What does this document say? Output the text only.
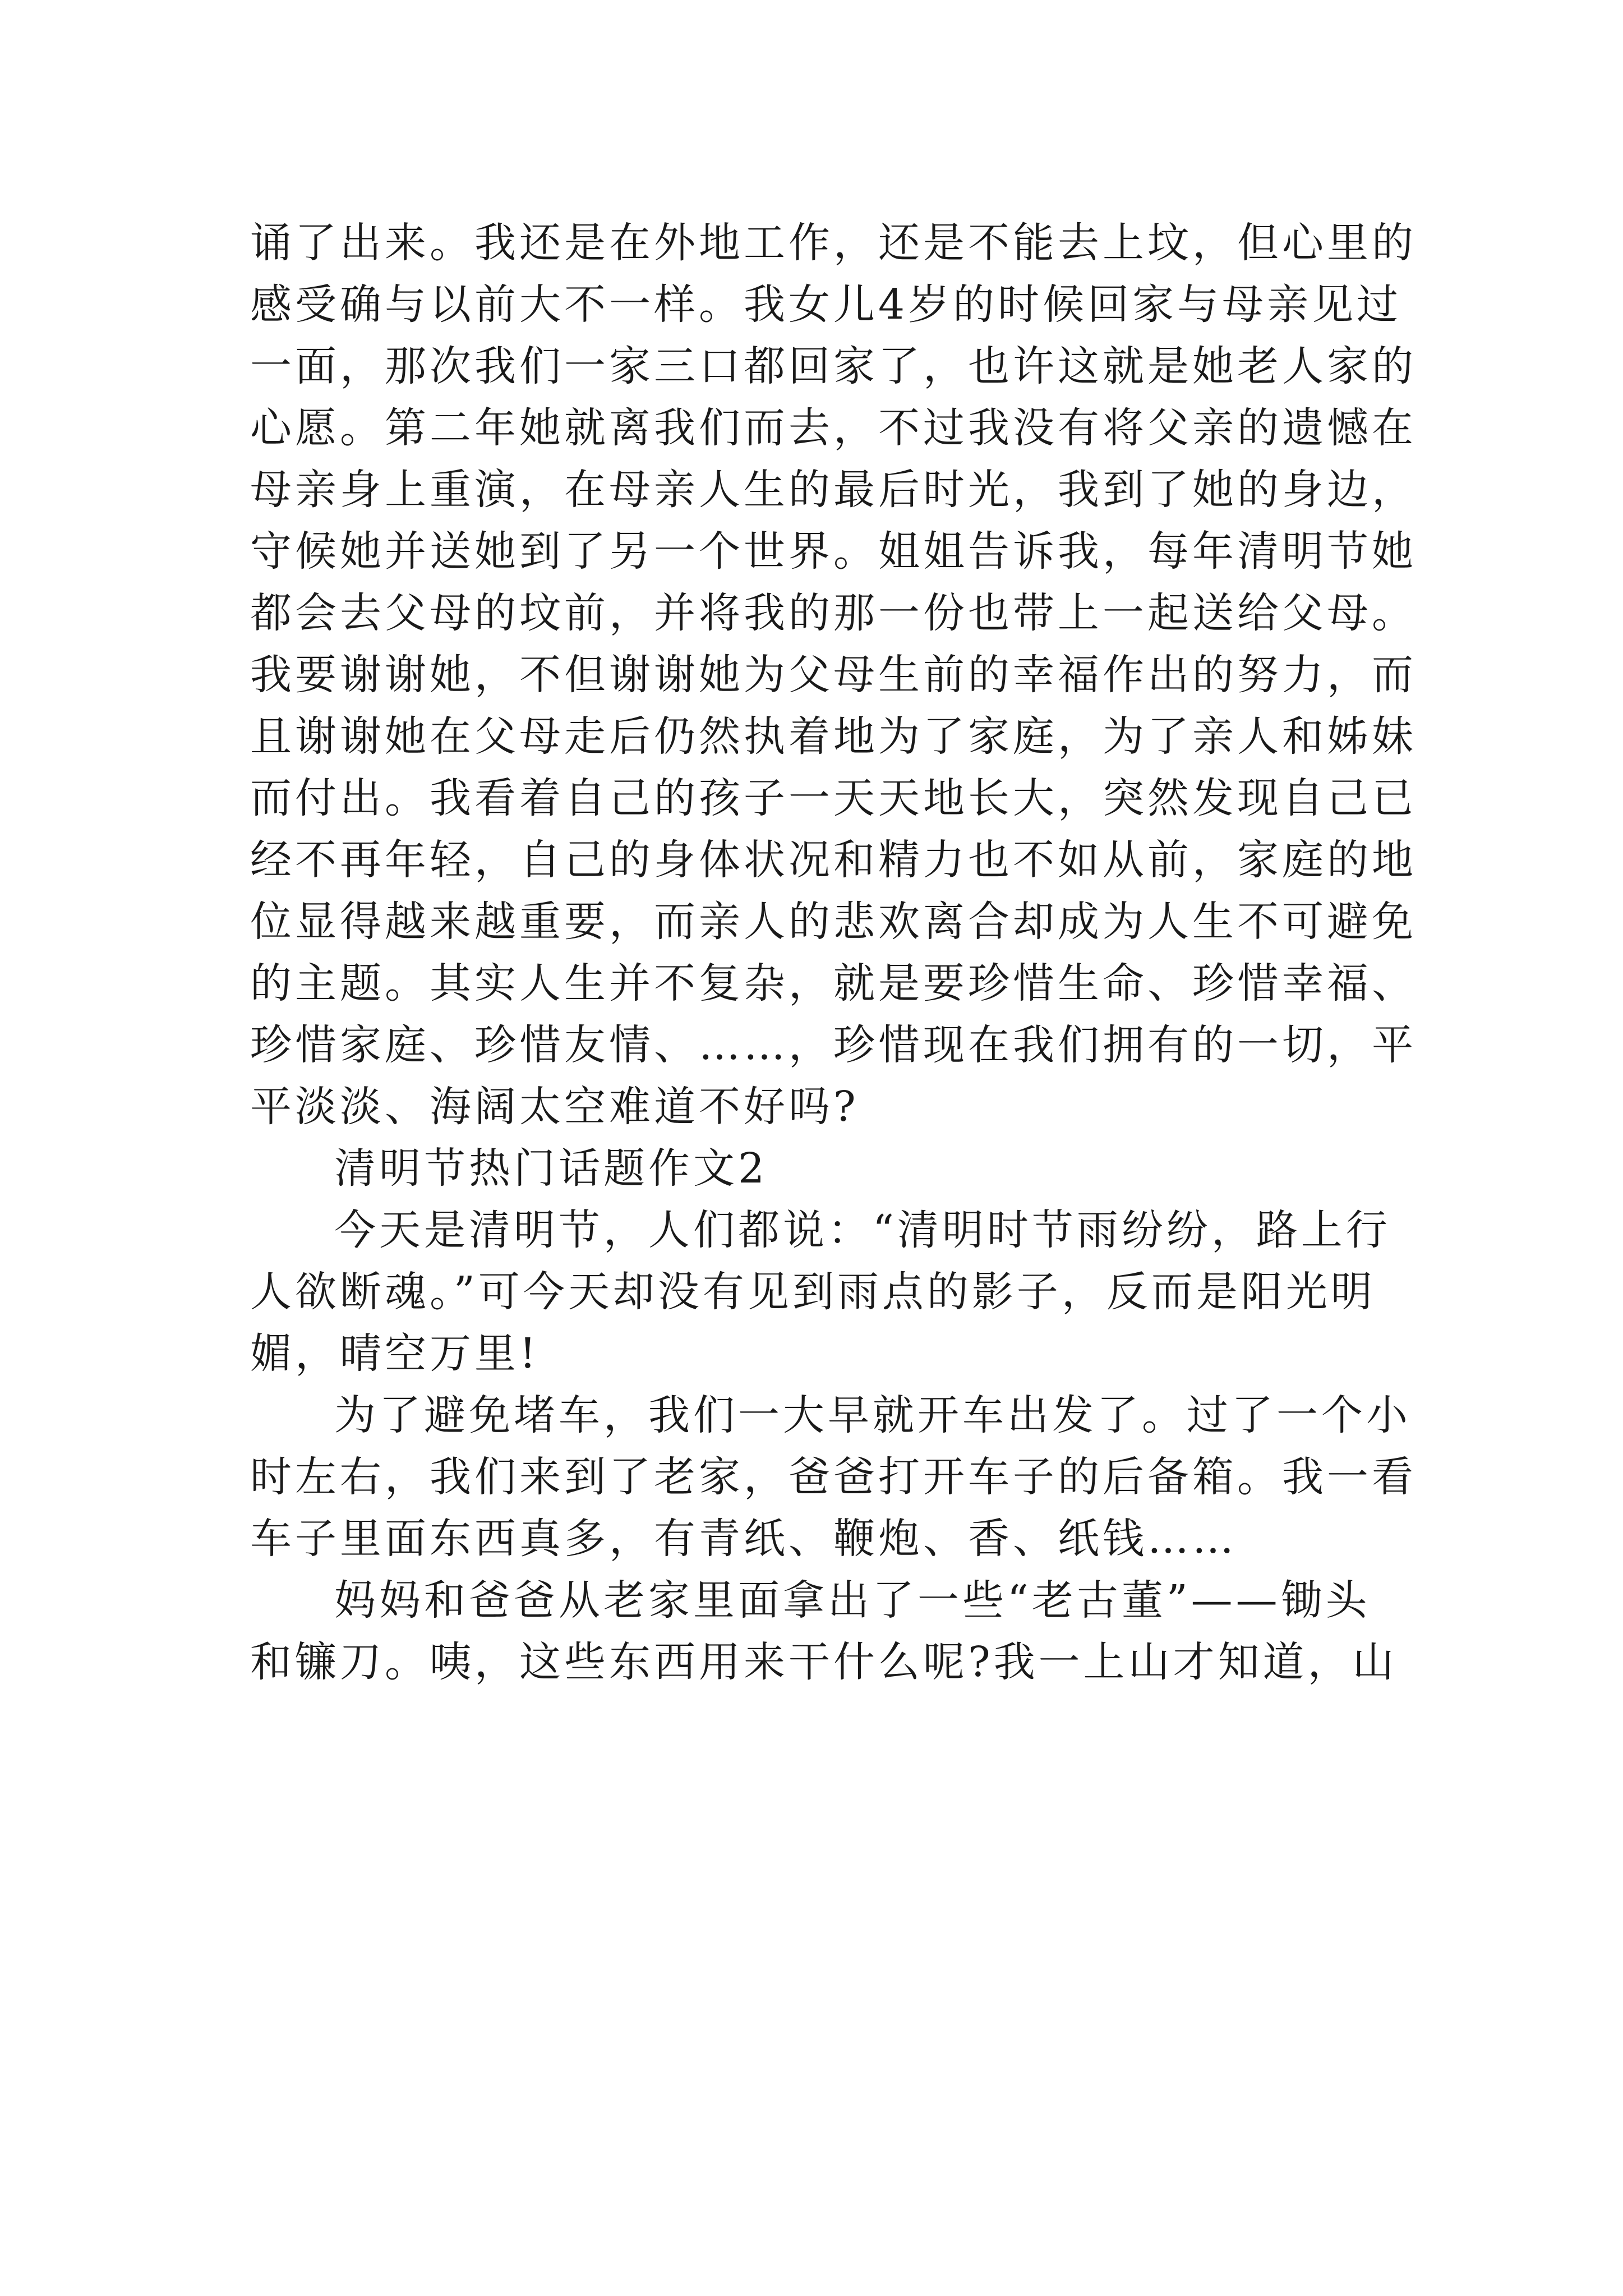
诵了出来。我还是在外地工作，还是不能去上坟，但心里的

感受确与以前大不一样。我女儿4岁的时候回家与母亲见过

一面，那次我们一家三口都回家了，也许这就是她老人家的

心愿。第二年她就离我们而去，不过我没有将父亲的遗憾在

母亲身上重演，在母亲人生的最后时光，我到了她的身边，

守候她并送她到了另一个世界。姐姐告诉我，每年清明节她

都会去父母的坟前，并将我的那一份也带上一起送给父母。

我要谢谢她，不但谢谢她为父母生前的幸福作出的努力，而

且谢谢她在父母走后仍然执着地为了家庭，为了亲人和姊妹

而付出。我看着自己的孩子一天天地长大，突然发现自己已

经不再年轻，自己的身体状况和精力也不如从前，家庭的地

位显得越来越重要，而亲人的悲欢离合却成为人生不可避免

的主题。其实人生并不复杂，就是要珍惜生命、珍惜幸福、

珍惜家庭、珍惜友情、……，珍惜现在我们拥有的一切，平

平淡淡、海阔太空难道不好吗?

清明节热门话题作文2

今天是清明节，人们都说：“清明时节雨纷纷，路上行

人欲断魂。”可今天却没有见到雨点的影子，反而是阳光明

媚，晴空万里!

为了避免堵车，我们一大早就开车出发了。过了一个小

时左右，我们来到了老家，爸爸打开车子的后备箱。我一看

车子里面东西真多，有青纸、鞭炮、香、纸钱……

妈妈和爸爸从老家里面拿出了一些“老古董”——锄头

和镰刀。咦，这些东西用来干什么呢?我一上山才知道，山
